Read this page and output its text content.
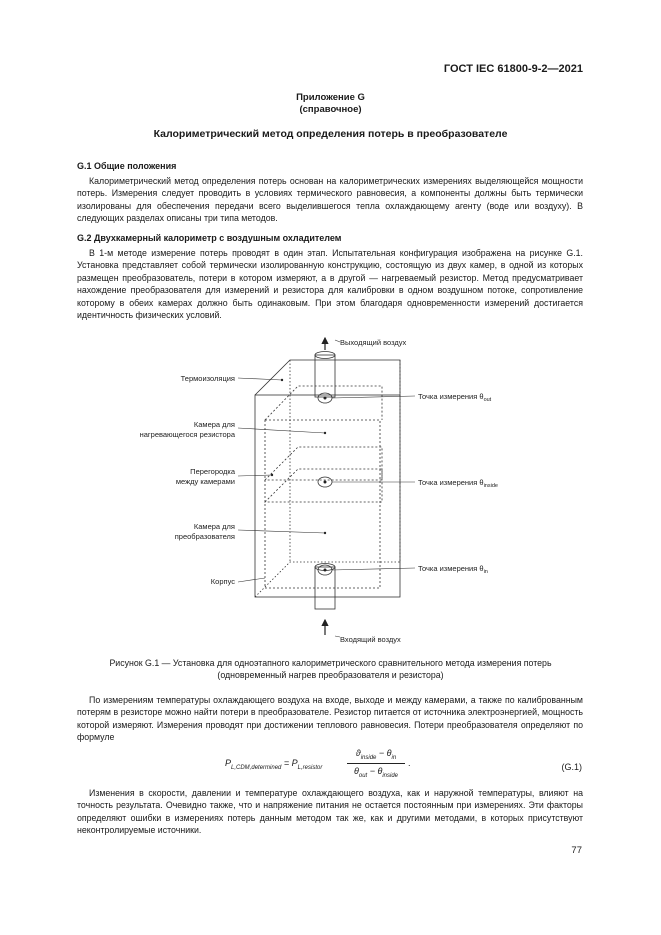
ГОСТ IEC 61800-9-2—2021
Приложение G
(справочное)
Калориметрический метод определения потерь в преобразователе
G.1 Общие положения
Калориметрический метод определения потерь основан на калориметрических измерениях выделяющейся мощности потерь. Измерения следует проводить в условиях термического равновесия, а компоненты должны быть термически изолированы для обеспечения передачи всего выделившегося тепла охлаждающему агенту (воде или воздуху). В следующих разделах описаны три типа методов.
G.2 Двухкамерный калориметр с воздушным охладителем
В 1-м методе измерение потерь проводят в один этап. Испытательная конфигурация изображена на рисунке G.1. Установка представляет собой термически изолированную конструкцию, состоящую из двух камер, в одной из которых размещен преобразователь, потери в котором измеряют, а в другой — нагреваемый резистор. Метод предусматривает нахождение преобразователя для измерений и резистора для калибровки в одном воздушном потоке, сопротивление которому в обеих камерах должно быть одинаковым. При этом благодаря одновременности измерений достигается идентичность физических условий.
Выходящий воздух
Входящий воздух
Термоизоляция
Камера для
нагревающегося резистора
Перегородка
между камерами
Камера для
преобразователя
Корпус
Точка измерения $\theta_{out}$
Точка измерения $\theta_{inside}$
Точка измерения $\theta_{in}$
Рисунок G.1 — Установка для одноэтапного калориметрического сравнительного метода измерения потерь
(одновременный нагрев преобразователя и резистора)
По измерениям температуры охлаждающего воздуха на входе, выходе и между камерами, а также по калиброванным потерям в резисторе можно найти потери в преобразователе. Резистор питается от источника электроэнергией, мощность которой измеряют. Измерения проводят при достижении теплового равновесия. Потери преобразователя определяют по формуле
$P_{L,CDM,determined} = P_{L,resistor}$
$ϑ_{inside} - \theta_{in}$
$\theta_{out} - \theta_{inside}$
.	(G.1)
Изменения в скорости, давлении и температуре охлаждающего воздуха, как и наружной температуры, влияют на точность результата. Очевидно также, что и напряжение питания не остается постоянным при измерениях. Эти факторы определяют ошибки в измерениях потерь данным методом так же, как и другими методами, в которых присутствуют неконтролируемые источники.
77
